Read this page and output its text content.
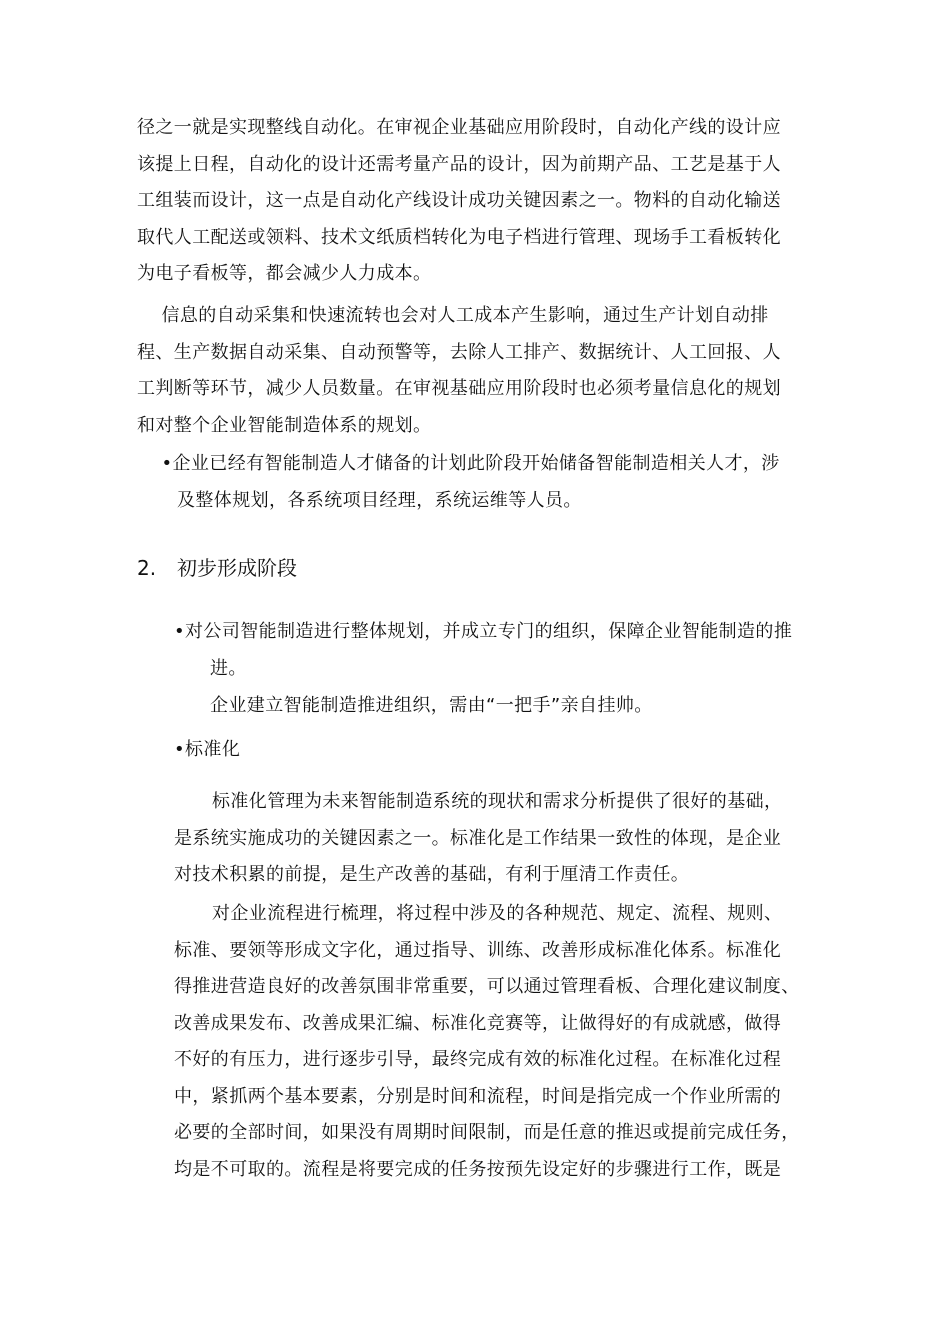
径之一就是实现整线自动化。在审视企业基础应用阶段时，自动化产线的设计应
该提上日程，自动化的设计还需考量产品的设计，因为前期产品、工艺是基于人
工组装而设计，这一点是自动化产线设计成功关键因素之一。物料的自动化输送
取代人工配送或领料、技术文纸质档转化为电子档进行管理、现场手工看板转化
为电子看板等，都会减少人力成本。
信息的自动采集和快速流转也会对人工成本产生影响，通过生产计划自动排
程、生产数据自动采集、自动预警等，去除人工排产、数据统计、人工回报、人
工判断等环节，减少人员数量。在审视基础应用阶段时也必须考量信息化的规划
和对整个企业智能制造体系的规划。
•企业已经有智能制造人才储备的计划此阶段开始储备智能制造相关人才，涉
及整体规划，各系统项目经理，系统运维等人员。
2. 初步形成阶段
•对公司智能制造进行整体规划，并成立专门的组织，保障企业智能制造的推
进。
企业建立智能制造推进组织，需由“一把手”亲自挂帅。
•标准化
标准化管理为未来智能制造系统的现状和需求分析提供了很好的基础，
是系统实施成功的关键因素之一。标准化是工作结果一致性的体现，是企业
对技术积累的前提，是生产改善的基础，有利于厘清工作责任。
对企业流程进行梳理，将过程中涉及的各种规范、规定、流程、规则、
标准、要领等形成文字化，通过指导、训练、改善形成标准化体系。标准化
得推进营造良好的改善氛围非常重要，可以通过管理看板、合理化建议制度、
改善成果发布、改善成果汇编、标准化竞赛等，让做得好的有成就感，做得
不好的有压力，进行逐步引导，最终完成有效的标准化过程。在标准化过程
中，紧抓两个基本要素，分别是时间和流程，时间是指完成一个作业所需的
必要的全部时间，如果没有周期时间限制，而是任意的推迟或提前完成任务，
均是不可取的。流程是将要完成的任务按预先设定好的步骤进行工作，既是
